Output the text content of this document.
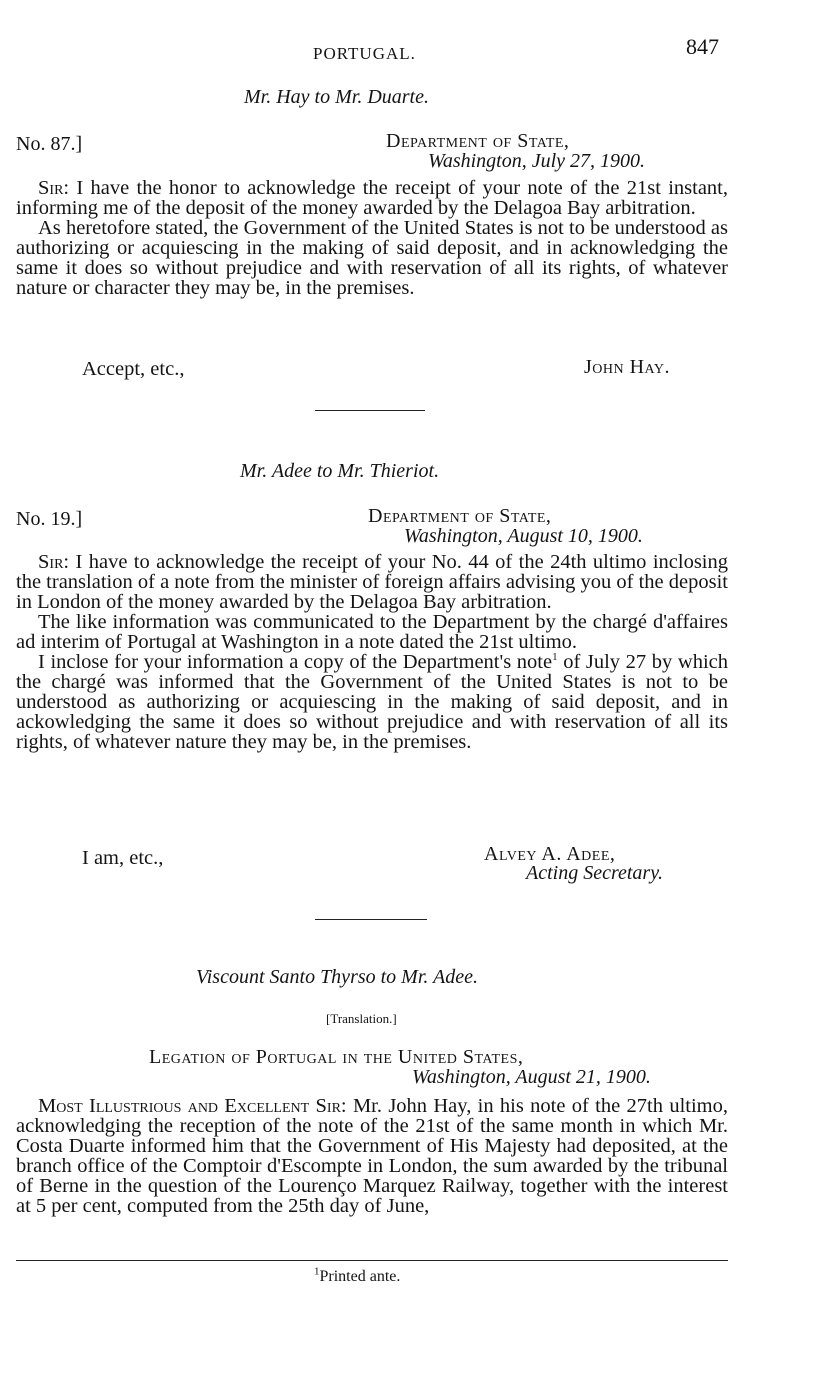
PORTUGAL.	847
Mr. Hay to Mr. Duarte.
No. 87.]	Department of State,
Washington, July 27, 1900.

Sir: I have the honor to acknowledge the receipt of your note of the 21st instant, informing me of the deposit of the money awarded by the Delagoa Bay arbitration.

As heretofore stated, the Government of the United States is not to be understood as authorizing or acquiescing in the making of said deposit, and in acknowledging the same it does so without prejudice and with reservation of all its rights, of whatever nature or character they may be, in the premises.

Accept, etc.,	John Hay.
Mr. Adee to Mr. Thieriot.
No. 19.]	Department of State,
Washington, August 10, 1900.

Sir: I have to acknowledge the receipt of your No. 44 of the 24th ultimo inclosing the translation of a note from the minister of foreign affairs advising you of the deposit in London of the money awarded by the Delagoa Bay arbitration.

The like information was communicated to the Department by the chargé d'affaires ad interim of Portugal at Washington in a note dated the 21st ultimo.

I inclose for your information a copy of the Department's note$^1$ of July 27 by which the chargé was informed that the Government of the United States is not to be understood as authorizing or acquiescing in the making of said deposit, and in ackowledging the same it does so without prejudice and with reservation of all its rights, of whatever nature they may be, in the premises.

I am, etc.,	Alvey A. Adee,
Acting Secretary.
Viscount Santo Thyrso to Mr. Adee.
[Translation.]
Legation of Portugal in the United States,
Washington, August 21, 1900.

Most Illustrious and Excellent Sir: Mr. John Hay, in his note of the 27th ultimo, acknowledging the reception of the note of the 21st of the same month in which Mr. Costa Duarte informed him that the Government of His Majesty had deposited, at the branch office of the Comptoir d'Escompte in London, the sum awarded by the tribunal of Berne in the question of the Lourenço Marquez Railway, together with the interest at 5 per cent, computed from the 25th day of June,

$^1$Printed ante.
